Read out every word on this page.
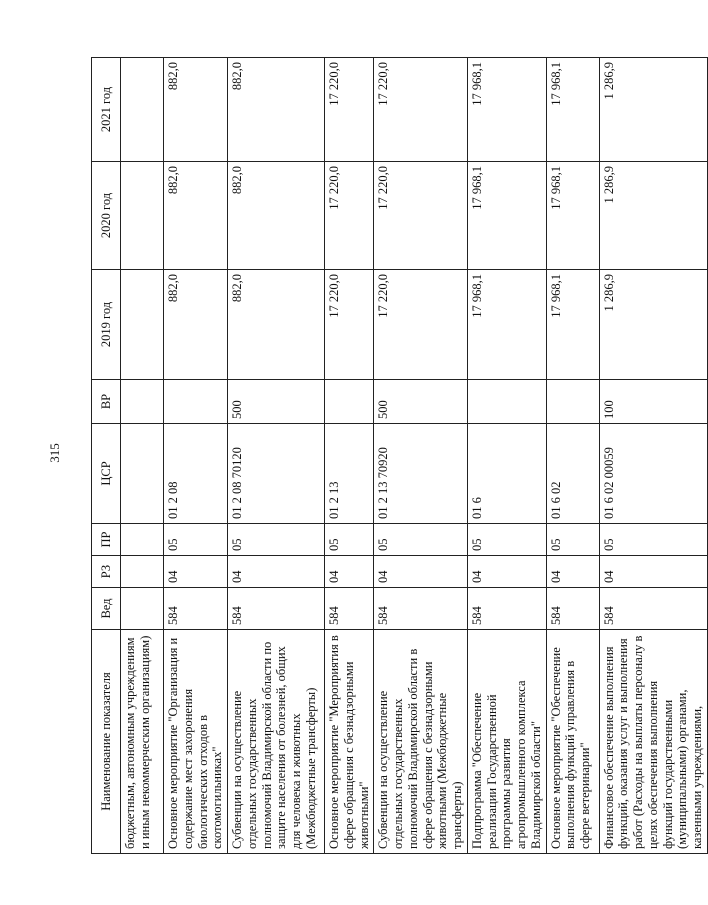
315
Наименование показателя	Вед	РЗ	ПР	ЦСР	ВР	2019 год	2020 год	2021 год
бюджетным, автономным учреждениям и иным некоммерческим организациям)								
Основное мероприятие "Организация и содержание мест захоронения биологических отходов в скотомогильниках"	584	04	05	01 2 08		882,0	882,0	882,0
Субвенции на осуществление отдельных государственных полномочий Владимирской области по защите населения от болезней, общих для человека и животных (Межбюджетные трансферты)	584	04	05	01 2 08 70120	500	882,0	882,0	882,0
Основное мероприятие "Мероприятия в сфере обращения с безнадзорными животными"	584	04	05	01 2 13		17 220,0	17 220,0	17 220,0
Субвенции на осуществление отдельных государственных полномочий Владимирской области в сфере обращения с безнадзорными животными (Межбюджетные трансферты)	584	04	05	01 2 13 70920	500	17 220,0	17 220,0	17 220,0
Подпрограмма "Обеспечение реализации Государственной программы развития агропромышленного комплекса Владимирской области"	584	04	05	01 6		17 968,1	17 968,1	17 968,1
Основное мероприятие "Обеспечение выполнения функций управления в сфере ветеринарии"	584	04	05	01 6 02		17 968,1	17 968,1	17 968,1
Финансовое обеспечение выполнения функций, оказания услуг и выполнения работ (Расходы на выплаты персоналу в целях обеспечения выполнения функций государственными (муниципальными) органами, казенными учреждениями,	584	04	05	01 6 02 00059	100	1 286,9	1 286,9	1 286,9
